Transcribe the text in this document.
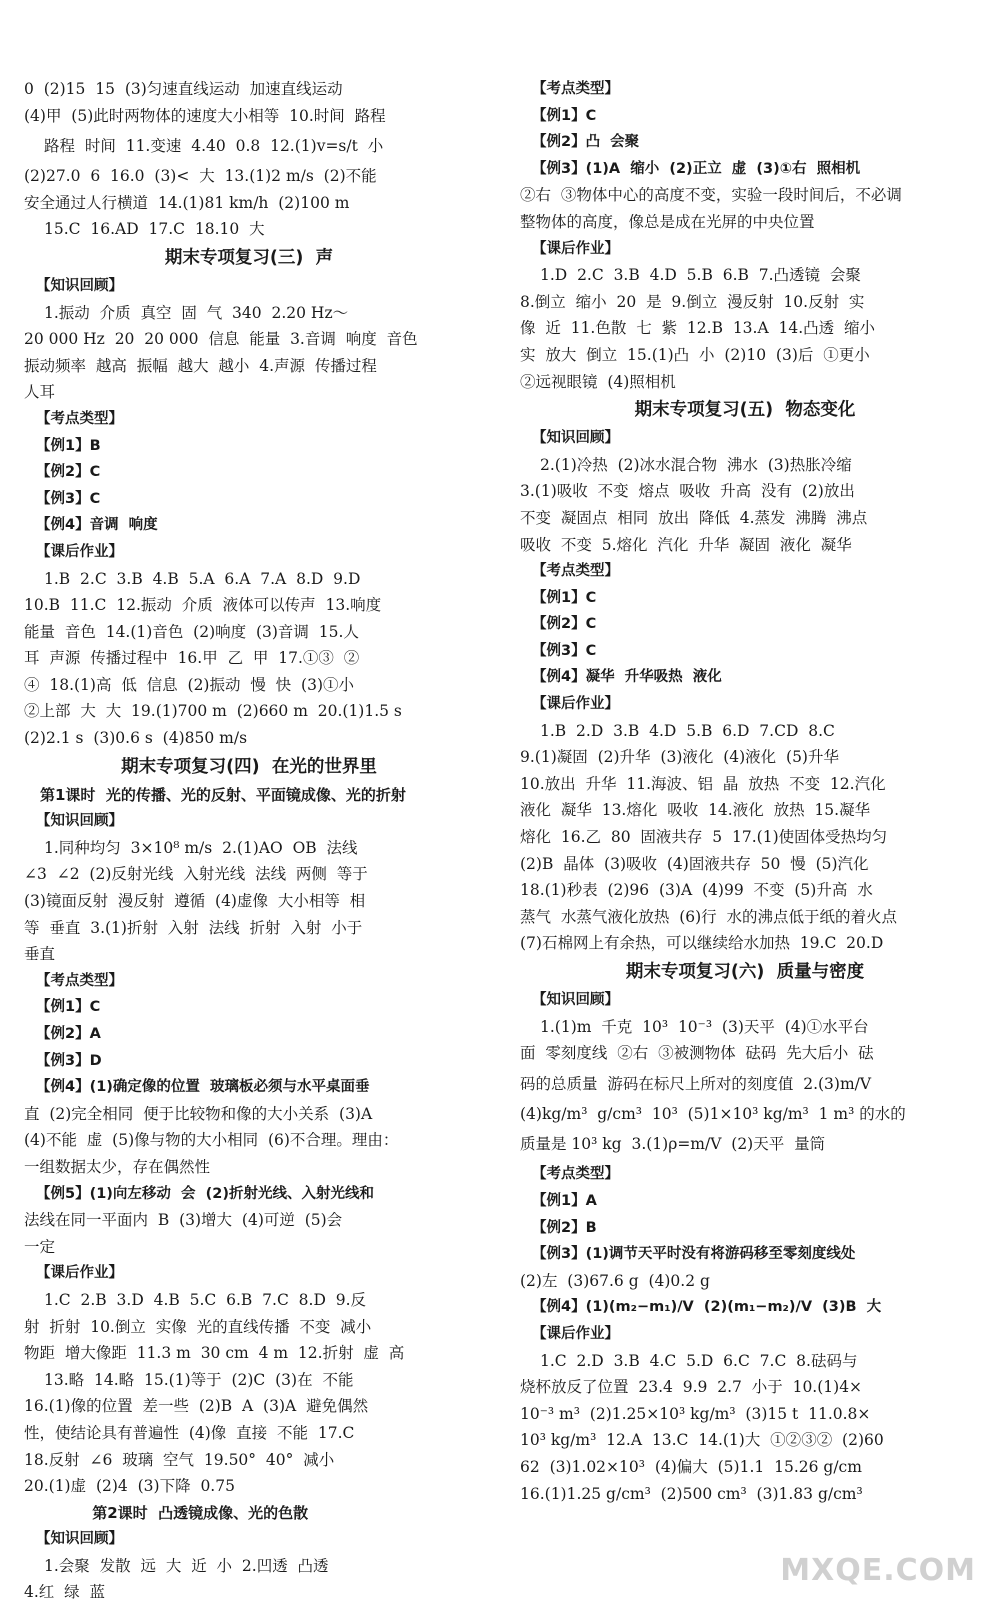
0  (2)15  15  (3)匀速直线运动  加速直线运动
(4)甲  (5)此时两物体的速度大小相等  10.时间  路程
路程  时间  11.变速  4.40  0.8  12.(1)v=s/t  小
(2)27.0  6  16.0  (3)<  大  13.(1)2 m/s  (2)不能
安全通过人行横道  14.(1)81 km/h  (2)100 m
15.C  16.AD  17.C  18.10  大
期末专项复习(三)  声
【知识回顾】
1.振动  介质  真空  固  气  340  2.20 Hz～
20 000 Hz  20  20 000  信息  能量  3.音调  响度  音色
振动频率  越高  振幅  越大  越小  4.声源  传播过程
人耳
【考点类型】
【例1】B
【例2】C
【例3】C
【例4】音调  响度
【课后作业】
1.B  2.C  3.B  4.B  5.A  6.A  7.A  8.D  9.D
10.B  11.C  12.振动  介质  液体可以传声  13.响度
能量  音色  14.(1)音色  (2)响度  (3)音调  15.人
耳  声源  传播过程中  16.甲  乙  甲  17.①③  ②
④  18.(1)高  低  信息  (2)振动  慢  快  (3)①小
②上部  大  大  19.(1)700 m  (2)660 m  20.(1)1.5 s
(2)2.1 s  (3)0.6 s  (4)850 m/s
期末专项复习(四)  在光的世界里
第1课时  光的传播、光的反射、平面镜成像、光的折射
【知识回顾】
1.同种均匀  3×10⁸ m/s  2.(1)AO  OB  法线
∠3  ∠2  (2)反射光线  入射光线  法线  两侧  等于
(3)镜面反射  漫反射  遵循  (4)虚像  大小相等  相
等  垂直  3.(1)折射  入射  法线  折射  入射  小于
垂直
【考点类型】
【例1】C
【例2】A
【例3】D
【例4】(1)确定像的位置  玻璃板必须与水平桌面垂
直  (2)完全相同  便于比较物和像的大小关系  (3)A
(4)不能  虚  (5)像与物的大小相同  (6)不合理。理由：
一组数据太少，存在偶然性
【例5】(1)向左移动  会  (2)折射光线、入射光线和
法线在同一平面内  B  (3)增大  (4)可逆  (5)会
一定
【课后作业】
1.C  2.B  3.D  4.B  5.C  6.B  7.C  8.D  9.反
射  折射  10.倒立  实像  光的直线传播  不变  减小
物距  增大像距  11.3 m  30 cm  4 m  12.折射  虚  高
13.略  14.略  15.(1)等于  (2)C  (3)在  不能
16.(1)像的位置  差一些  (2)B  A  (3)A  避免偶然
性，使结论具有普遍性  (4)像  直接  不能  17.C
18.反射  ∠6  玻璃  空气  19.50°  40°  减小
20.(1)虚  (2)4  (3)下降  0.75
第2课时  凸透镜成像、光的色散
【知识回顾】
1.会聚  发散  远  大  近  小  2.凹透  凸透
4.红  绿  蓝
【考点类型】
【例1】C
【例2】凸  会聚
【例3】(1)A  缩小  (2)正立  虚  (3)①右  照相机
②右  ③物体中心的高度不变，实验一段时间后，不必调
整物体的高度，像总是成在光屏的中央位置
【课后作业】
1.D  2.C  3.B  4.D  5.B  6.B  7.凸透镜  会聚
8.倒立  缩小  20  是  9.倒立  漫反射  10.反射  实
像  近  11.色散  七  紫  12.B  13.A  14.凸透  缩小
实  放大  倒立  15.(1)凸  小  (2)10  (3)后  ①更小
②远视眼镜  (4)照相机
期末专项复习(五)  物态变化
【知识回顾】
2.(1)冷热  (2)冰水混合物  沸水  (3)热胀冷缩
3.(1)吸收  不变  熔点  吸收  升高  没有  (2)放出
不变  凝固点  相同  放出  降低  4.蒸发  沸腾  沸点
吸收  不变  5.熔化  汽化  升华  凝固  液化  凝华
【考点类型】
【例1】C
【例2】C
【例3】C
【例4】凝华  升华吸热  液化
【课后作业】
1.B  2.D  3.B  4.D  5.B  6.D  7.CD  8.C
9.(1)凝固  (2)升华  (3)液化  (4)液化  (5)升华
10.放出  升华  11.海波、铝  晶  放热  不变  12.汽化
液化  凝华  13.熔化  吸收  14.液化  放热  15.凝华
熔化  16.乙  80  固液共存  5  17.(1)使固体受热均匀
(2)B  晶体  (3)吸收  (4)固液共存  50  慢  (5)汽化
18.(1)秒表  (2)96  (3)A  (4)99  不变  (5)升高  水
蒸气  水蒸气液化放热  (6)行  水的沸点低于纸的着火点
(7)石棉网上有余热，可以继续给水加热  19.C  20.D
期末专项复习(六)  质量与密度
【知识回顾】
1.(1)m  千克  10³  10⁻³  (3)天平  (4)①水平台
面  零刻度线  ②右  ③被测物体  砝码  先大后小  砝
码的总质量  游码在标尺上所对的刻度值  2.(3)m/V
(4)kg/m³  g/cm³  10³  (5)1×10³ kg/m³  1 m³ 的水的
质量是 10³ kg  3.(1)ρ=m/V  (2)天平  量筒
【考点类型】
【例1】A
【例2】B
【例3】(1)调节天平时没有将游码移至零刻度线处
(2)左  (3)67.6 g  (4)0.2 g
【例4】(1)(m₂−m₁)/V  (2)(m₁−m₂)/V  (3)B  大
【课后作业】
1.C  2.D  3.B  4.C  5.D  6.C  7.C  8.砝码与
烧杯放反了位置  23.4  9.9  2.7  小于  10.(1)4×
10⁻³ m³  (2)1.25×10³ kg/m³  (3)15 t  11.0.8×
10³ kg/m³  12.A  13.C  14.(1)大  ①②③②  (2)60
62  (3)1.02×10³  (4)偏大  (5)1.1  15.26 g/cm
16.(1)1.25 g/cm³  (2)500 cm³  (3)1.83 g/cm³
MXQE.COM
